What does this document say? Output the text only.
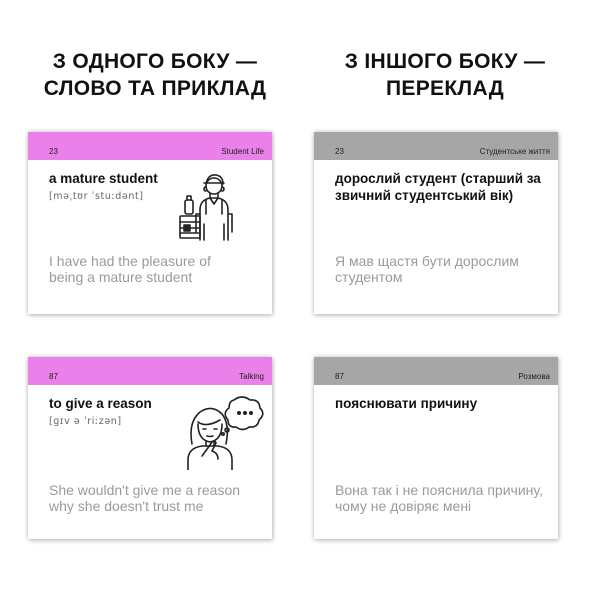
З ОДНОГО БОКУ —
СЛОВО ТА ПРИКЛАД
З ІНШОГО БОКУ —
ПЕРЕКЛАД
23	Student Life
a mature student
[məˌtʊr ˈstuːdənt]
I have had the pleasure of
being a mature student
23	Студентське життя
дорослий студент (старший за звичний студентський вік)
Я мав щастя бути дорослим
студентом
87	Talking
to give a reason
[ɡɪv ə ˈriːzən]
She wouldn't give me a reason
why she doesn't trust me
87	Розмова
пояснювати причину
Вона так і не пояснила причину,
чому не довіряє мені
